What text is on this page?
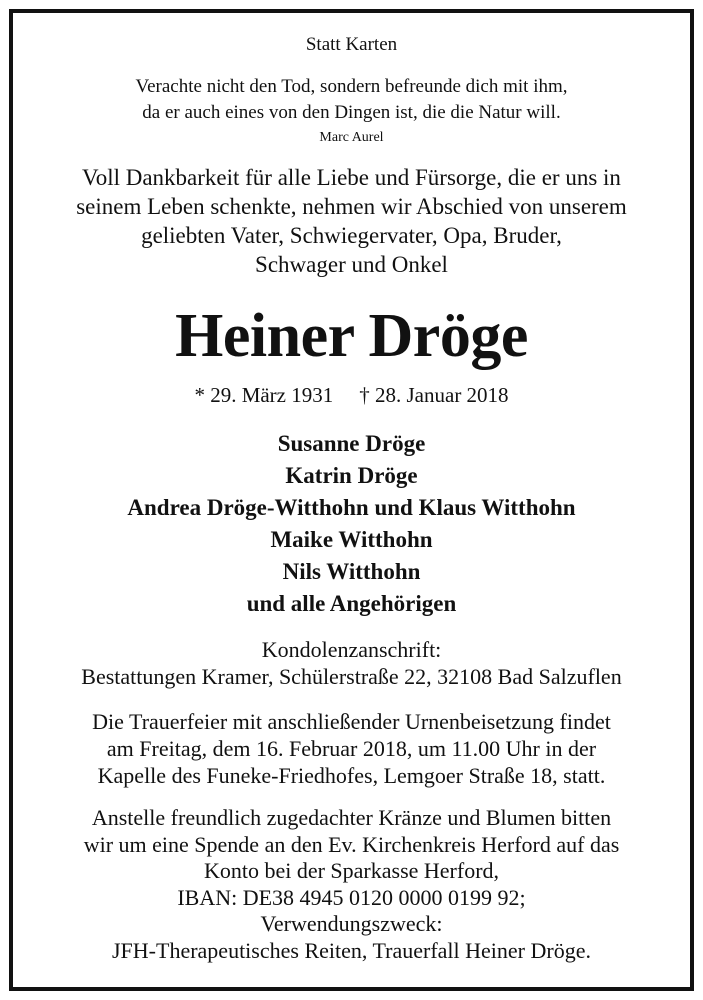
Statt Karten
Verachte nicht den Tod, sondern befreunde dich mit ihm,
da er auch eines von den Dingen ist, die die Natur will.
Marc Aurel
Voll Dankbarkeit für alle Liebe und Fürsorge, die er uns in
seinem Leben schenkte, nehmen wir Abschied von unserem
geliebten Vater, Schwiegervater, Opa, Bruder,
Schwager und Onkel
Heiner Dröge
* 29. März 1931 † 28. Januar 2018
Susanne Dröge
Katrin Dröge
Andrea Dröge-Witthohn und Klaus Witthohn
Maike Witthohn
Nils Witthohn
und alle Angehörigen
Kondolenzanschrift:
Bestattungen Kramer, Schülerstraße 22, 32108 Bad Salzuflen
Die Trauerfeier mit anschließender Urnenbeisetzung findet
am Freitag, dem 16. Februar 2018, um 11.00 Uhr in der
Kapelle des Funeke-Friedhofes, Lemgoer Straße 18, statt.
Anstelle freundlich zugedachter Kränze und Blumen bitten
wir um eine Spende an den Ev. Kirchenkreis Herford auf das
Konto bei der Sparkasse Herford,
IBAN: DE38 4945 0120 0000 0199 92;
Verwendungszweck:
JFH-Therapeutisches Reiten, Trauerfall Heiner Dröge.
